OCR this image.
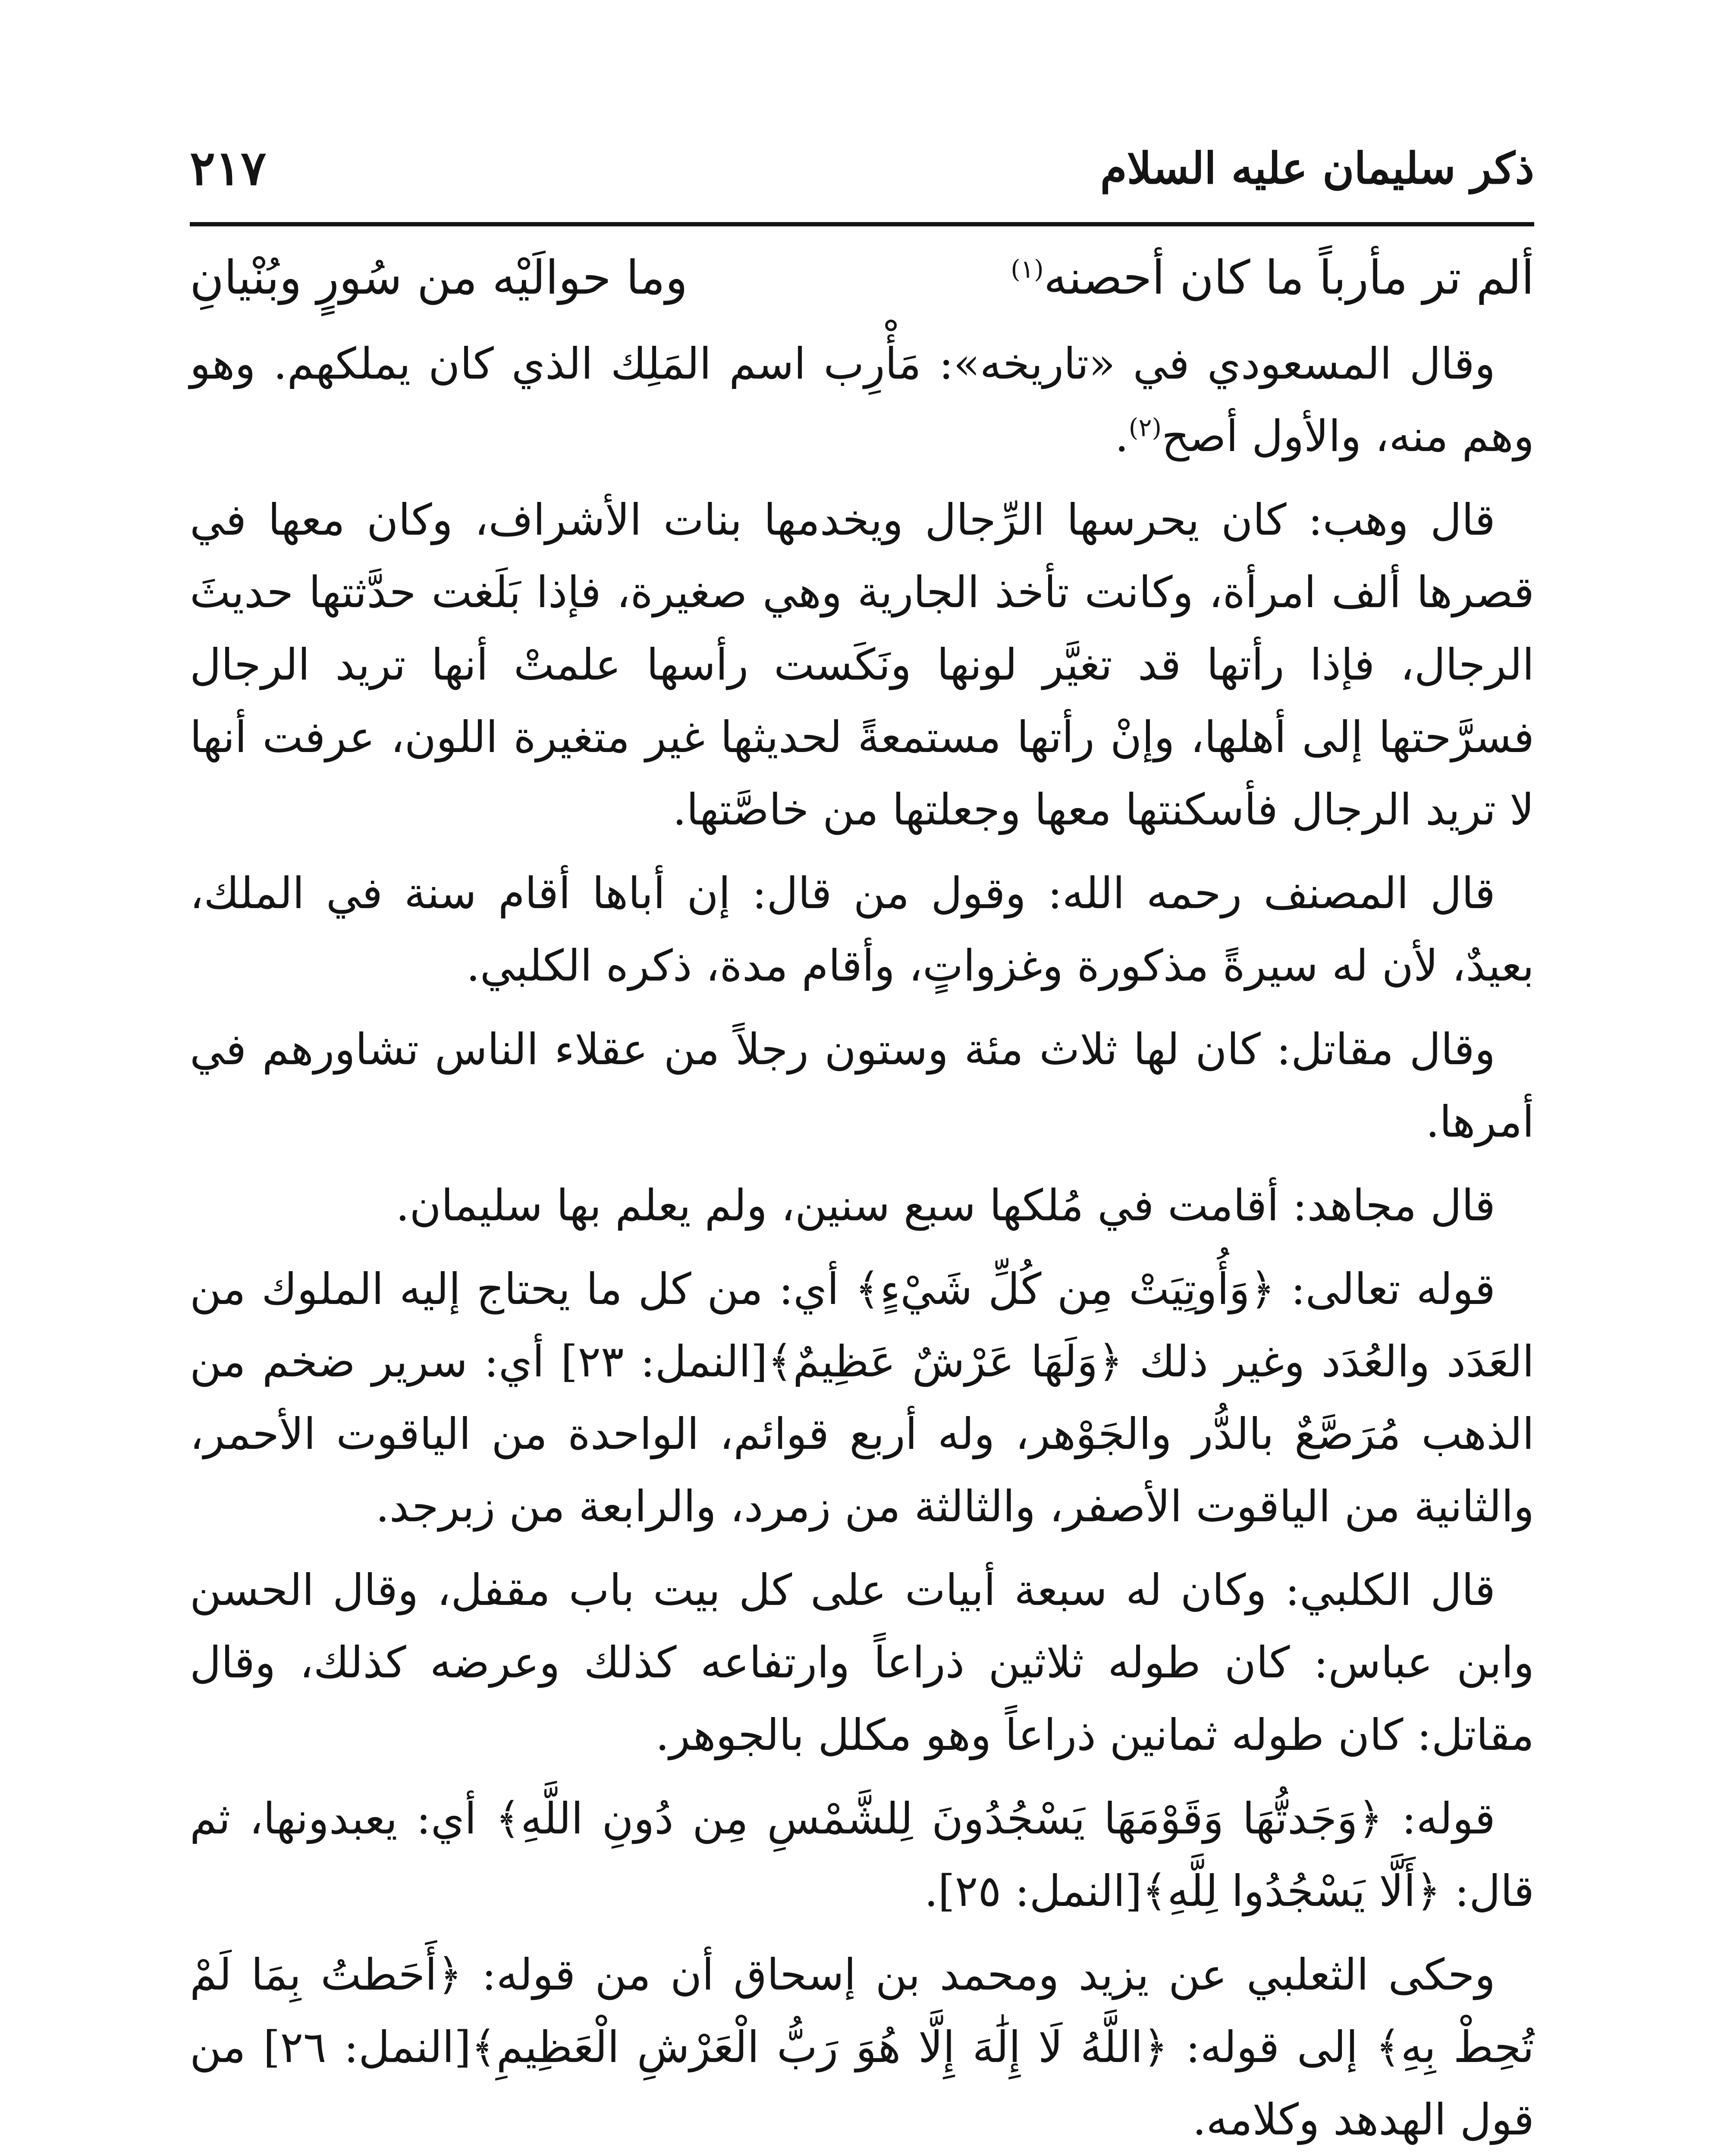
ذكر سليمان عليه السلام
٢١٧
ألم تر مأرباً ما كان أحصنه$^{(١)}$
وما حوالَيْه من سُورٍ وبُنْيانِ

وقال المسعودي في «تاريخه»: مَأْرِب اسم المَلِك الذي كان يملكهم. وهو وهم منه، والأول أصح$^{(٢)}$.

قال وهب: كان يحرسها الرِّجال ويخدمها بنات الأشراف، وكان معها في قصرها ألف امرأة، وكانت تأخذ الجارية وهي صغيرة، فإذا بَلَغت حدَّثتها حديثَ الرجال، فإذا رأتها قد تغيَّر لونها ونَكَست رأسها علمتْ أنها تريد الرجال فسرَّحتها إلى أهلها، وإنْ رأتها مستمعةً لحديثها غير متغيرة اللون، عرفت أنها لا تريد الرجال فأسكنتها معها وجعلتها من خاصَّتها.

قال المصنف رحمه الله: وقول من قال: إن أباها أقام سنة في الملك، بعيدٌ، لأن له سيرةً مذكورة وغزواتٍ، وأقام مدة، ذكره الكلبي.

وقال مقاتل: كان لها ثلاث مئة وستون رجلاً من عقلاء الناس تشاورهم في أمرها.

قال مجاهد: أقامت في مُلكها سبع سنين، ولم يعلم بها سليمان.

قوله تعالى: ﴿وَأُوتِيَتْ مِن كُلِّ شَيْءٍ﴾ أي: من كل ما يحتاج إليه الملوك من العَدَد والعُدَد وغير ذلك ﴿وَلَهَا عَرْشٌ عَظِيمٌ﴾[النمل: ٢٣] أي: سرير ضخم من الذهب مُرَصَّعٌ بالدُّر والجَوْهر، وله أربع قوائم، الواحدة من الياقوت الأحمر، والثانية من الياقوت الأصفر، والثالثة من زمرد، والرابعة من زبرجد.

قال الكلبي: وكان له سبعة أبيات على كل بيت باب مقفل، وقال الحسن وابن عباس: كان طوله ثلاثين ذراعاً وارتفاعه كذلك وعرضه كذلك، وقال مقاتل: كان طوله ثمانين ذراعاً وهو مكلل بالجوهر.

قوله: ﴿وَجَدتُّهَا وَقَوْمَهَا يَسْجُدُونَ لِلشَّمْسِ مِن دُونِ اللَّهِ﴾ أي: يعبدونها، ثم قال: ﴿أَلَّا يَسْجُدُوا لِلَّهِ﴾[النمل: ٢٥].

وحكى الثعلبي عن يزيد ومحمد بن إسحاق أن من قوله: ﴿أَحَطتُ بِمَا لَمْ تُحِطْ بِهِ﴾ إلى قوله: ﴿اللَّهُ لَا إِلَٰهَ إِلَّا هُوَ رَبُّ الْعَرْشِ الْعَظِيمِ﴾[النمل: ٢٦] من قول الهدهد وكلامه.
